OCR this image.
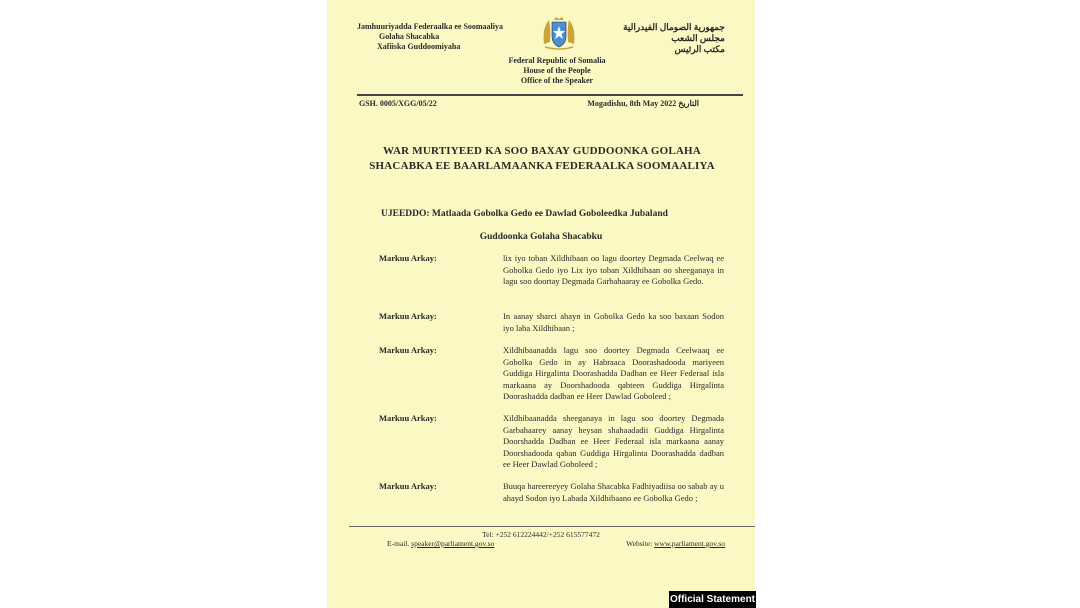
Jamhuuriyadda Federaalka ee Soomaaliya
Golaha Shacabka
Xafiiska Guddoomiyaha
جمهورية الصومال الفيدرالية
مجلس الشعب
مكتب الرئيس
Federal Republic of Somalia
House of the People
Office of the Speaker
GSH. 0005/XGG/05/22	Mogadishu, 8th May 2022 التاريخ
WAR MURTIYEED KA SOO BAXAY GUDDOONKA GOLAHA SHACABKA EE BAARLAMAANKA FEDERAALKA SOOMAALIYA
UJEEDDO: Matlaada Gobolka Gedo ee Dawlad Goboleedka Jubaland
Guddoonka Golaha Shacabku
Markuu Arkay:	lix iyo toban Xildhibaan oo lagu doortey Degmada Ceelwaq ee Gobolka Gedo iyo Lix iyo toban Xildhibaan oo sheeganaya in lagu soo doortay Degmada Garbahaaray ee Gobolka Gedo.
Markuu Arkay:	In aanay sharci ahayn in Gobolka Gedo ka soo baxaan Sodon iyo laba Xildhibaan ;
Markuu Arkay:	Xildhibaanadda lagu soo doortey Degmada Ceelwaaq ee Gobolka Gedo in ay Habraaca Doorashadooda mariyeen Guddiga Hirgalinta Doorashadda Dadban ee Heer Federaal isla markaana ay Doorshadooda qabteen Guddiga Hirgalinta Doorashadda dadban ee Heer Dawlad Goboleed ;
Markuu Arkay:	Xildhibaanadda sheeganaya in lagu soo doortey Degmada Garbahaarey aanay heysan shahaadadii Guddiga Hirgalinta Doorshadda Dadban ee Heer Federaal isla markaana aanay Doorshadooda qaban Guddiga Hirgalinta Doorashadda dadban ee Heer Dawlad Goboleed ;
Markuu Arkay:	Buuqa hareereeyey Golaha Shacabka Fadhiyadiisa oo sabab ay u ahayd Sodon iyo Labada Xildhibaano ee Gobolka Gedo ;
Tel: +252 612224442/+252 615577472
E-mail. speaker@parliament.gov.so	Website: www.parliament.gov.so
Official Statement
